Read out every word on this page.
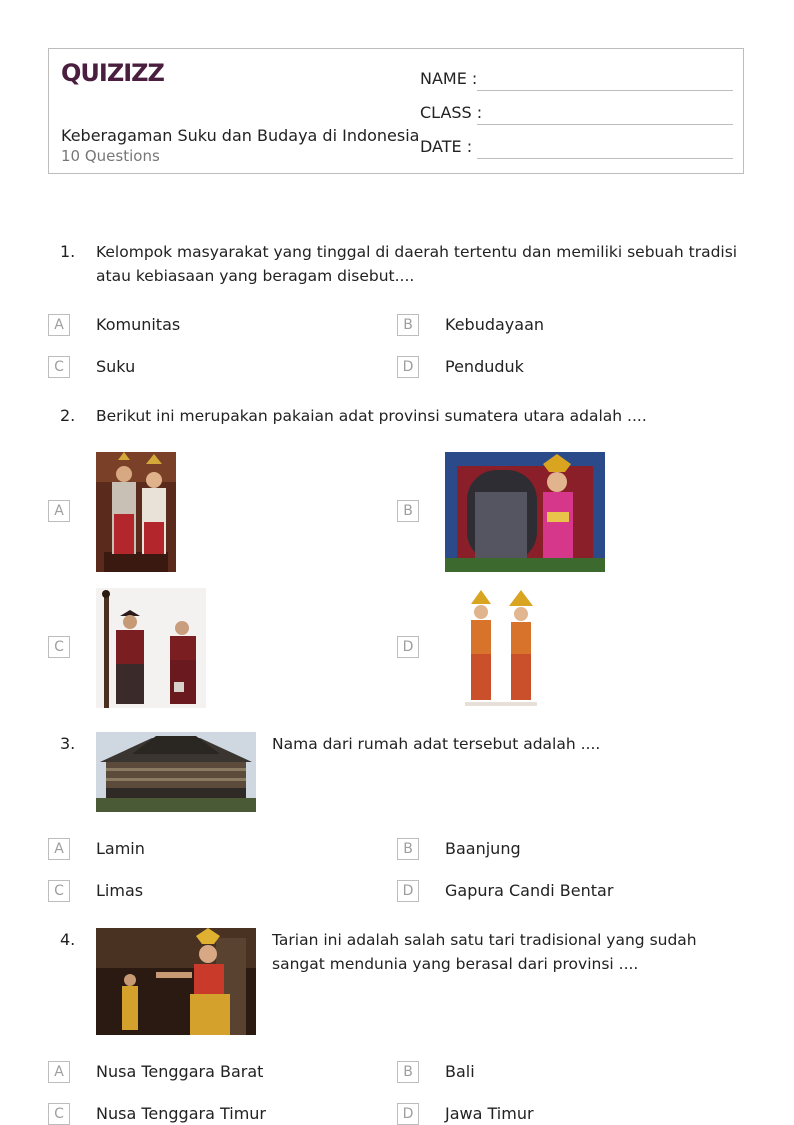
QUIZIZZ
Keberagaman Suku dan Budaya di Indonesia
10 Questions
NAME :
CLASS :
DATE :
1. Kelompok masyarakat yang tinggal di daerah tertentu dan memiliki sebuah tradisi atau kebiasaan yang beragam disebut....
A	Komunitas	B	Kebudayaan
C	Suku	D	Penduduk
2. Berikut ini merupakan pakaian adat provinsi sumatera utara adalah ....
A	B
C	D
3.	Nama dari rumah adat tersebut adalah ....
A	Lamin	B	Baanjung
C	Limas	D	Gapura Candi Bentar
4.	Tarian ini adalah salah satu tari tradisional yang sudah sangat mendunia yang berasal dari provinsi ....
A	Nusa Tenggara Barat	B	Bali
C	Nusa Tenggara Timur	D	Jawa Timur
